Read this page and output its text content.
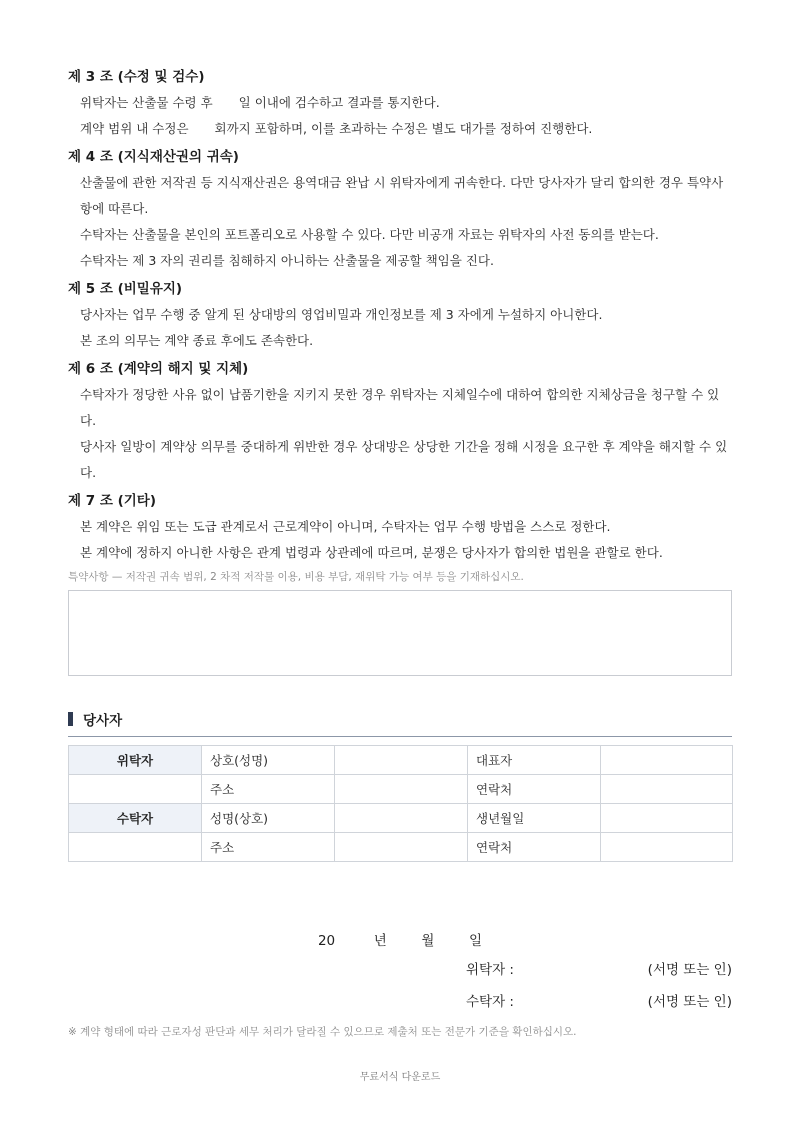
제 3 조 (수정 및 검수)

위탁자는 산출물 수령 후 일 이내에 검수하고 결과를 통지한다.

계약 범위 내 수정은 회까지 포함하며, 이를 초과하는 수정은 별도 대가를 정하여 진행한다.

제 4 조 (지식재산권의 귀속)

산출물에 관한 저작권 등 지식재산권은 용역대금 완납 시 위탁자에게 귀속한다. 다만 당사자가 달리 합의한 경우 특약사

항에 따른다.

수탁자는 산출물을 본인의 포트폴리오로 사용할 수 있다. 다만 비공개 자료는 위탁자의 사전 동의를 받는다.

수탁자는 제 3 자의 권리를 침해하지 아니하는 산출물을 제공할 책임을 진다.

제 5 조 (비밀유지)

당사자는 업무 수행 중 알게 된 상대방의 영업비밀과 개인정보를 제 3 자에게 누설하지 아니한다.

본 조의 의무는 계약 종료 후에도 존속한다.

제 6 조 (계약의 해지 및 지체)

수탁자가 정당한 사유 없이 납품기한을 지키지 못한 경우 위탁자는 지체일수에 대하여 합의한 지체상금을 청구할 수 있

다.

당사자 일방이 계약상 의무를 중대하게 위반한 경우 상대방은 상당한 기간을 정해 시정을 요구한 후 계약을 해지할 수 있

다.

제 7 조 (기타)

본 계약은 위임 또는 도급 관계로서 근로계약이 아니며, 수탁자는 업무 수행 방법을 스스로 정한다.

본 계약에 정하지 아니한 사항은 관계 법령과 상관례에 따르며, 분쟁은 당사자가 합의한 법원을 관할로 한다.

특약사항 — 저작권 귀속 범위, 2 차적 저작물 이용, 비용 부담, 재위탁 가능 여부 등을 기재하십시오.
당사자
위탁자	상호(성명)		대표자	
	주소		연락처	
수탁자	성명(상호)		생년월일	
	주소		연락처	
20	년	월	일
위탁자 :	(서명 또는 인)
수탁자 :	(서명 또는 인)
※ 계약 형태에 따라 근로자성 판단과 세무 처리가 달라질 수 있으므로 제출처 또는 전문가 기준을 확인하십시오.
무료서식 다운로드
